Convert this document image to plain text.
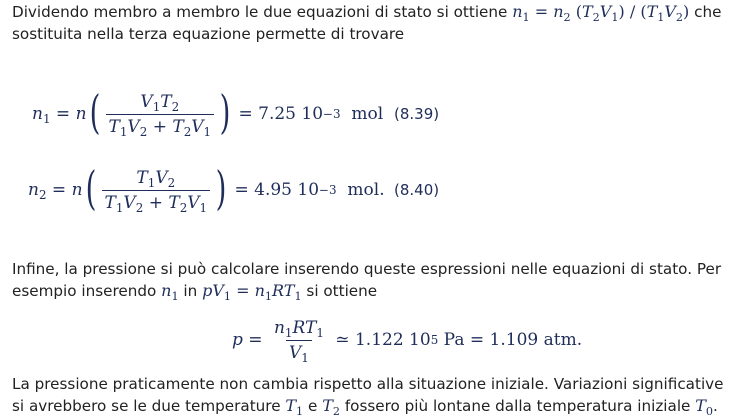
Dividendo membro a membro le due equazioni di stato si ottiene $n_1 = n_2$ $(T_2V_1) / (T_1V_2)$ che sostituita nella terza equazione permette di trovare
$n_1 = n$ ( $\frac{V_1T_2}{T_1V_2 + T_2V_1}$ ) = 7.25 10 −3
mol (8.39)
$n_2 = n$ ( $\frac{T_1V_2}{T_1V_2 + T_2V_1}$ ) = 4.95 10 −3
mol . (8.40)
Infine, la pressione si può calcolare inserendo queste espressioni nelle equazioni di stato. Per esempio inserendo $n_1$ in $pV_1 = n_1RT_1$ si ottiene
$p = \frac{n_1RT_1}{V_1}$ ≃ 1.122 10 5
Pa = 1.109
atm.
La pressione praticamente non cambia rispetto alla situazione iniziale. Variazioni significative si avrebbero se le due temperature $T_1$ e $T_2$ fossero più lontane dalla temperatura iniziale $T_0$.
